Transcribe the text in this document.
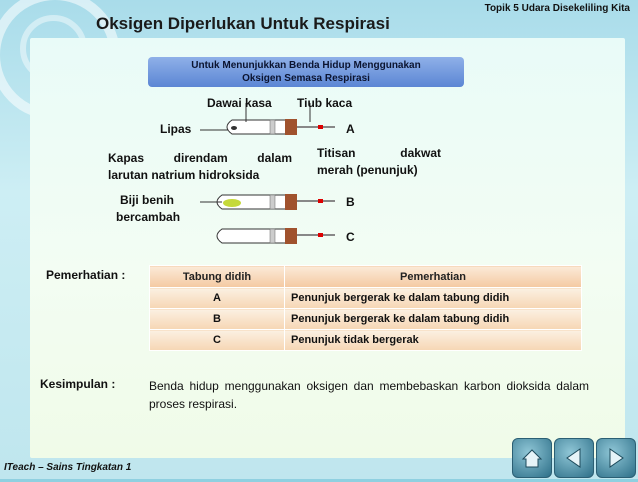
Topik 5 Udara Disekeliling Kita
Oksigen Diperlukan Untuk Respirasi
Untuk Menunjukkan Benda Hidup Menggunakan
Oksigen Semasa Respirasi
Dawai kasa Tiub kaca
Lipas	A
Kapas direndam dalam
larutan natrium hidroksida
Titisan dakwat
merah (penunjuk)
Biji benih
bercambah
B
C
Pemerhatian :	Tabung didih	Pemerhatian
A	Penunjuk bergerak ke dalam tabung didih
B	Penunjuk bergerak ke dalam tabung didih
C	Penunjuk tidak bergerak
Kesimpulan :	Benda hidup menggunakan oksigen dan membebaskan karbon dioksida dalam proses respirasi.
ITeach – Sains Tingkatan 1
